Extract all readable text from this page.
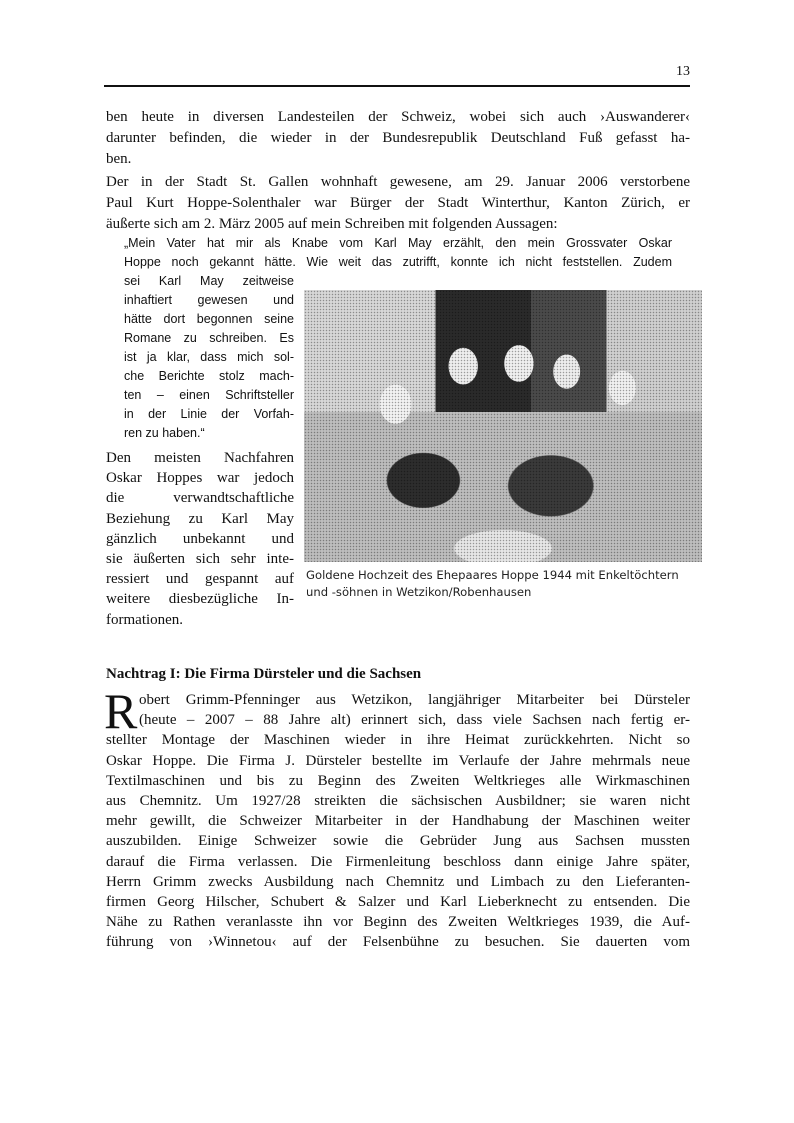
13

ben heute in diversen Landesteilen der Schweiz, wobei sich auch ›Auswanderer‹
darunter befinden, die wieder in der Bundesrepublik Deutschland Fuß gefasst ha-
ben.

Der in der Stadt St. Gallen wohnhaft gewesene, am 29. Januar 2006 verstorbene
Paul Kurt Hoppe-Solenthaler war Bürger der Stadt Winterthur, Kanton Zürich, er
äußerte sich am 2. März 2005 auf mein Schreiben mit folgenden Aussagen:

„Mein Vater hat mir als Knabe vom Karl May erzählt, den mein Grossvater Oskar
Hoppe noch gekannt hätte. Wie weit das zutrifft, konnte ich nicht feststellen. Zudem

sei Karl May zeitweise
inhaftiert gewesen und
hätte dort begonnen seine
Romane zu schreiben. Es
ist ja klar, dass mich sol-
che Berichte stolz mach-
ten – einen Schriftsteller
in der Linie der Vorfah-
ren zu haben.“

Den meisten Nachfahren
Oskar Hoppes war jedoch
die verwandtschaftliche
Beziehung zu Karl May
gänzlich unbekannt und
sie äußerten sich sehr inte-
ressiert und gespannt auf
weitere diesbezügliche In-
formationen.

Goldene Hochzeit des Ehepaares Hoppe 1944 mit Enkeltöchtern
und -söhnen in Wetzikon/Robenhausen

Nachtrag I: Die Firma Dürsteler und die Sachsen
R obert Grimm-Pfenninger aus Wetzikon, langjähriger Mitarbeiter bei Dürsteler
(heute – 2007 – 88 Jahre alt) erinnert sich, dass viele Sachsen nach fertig er-
stellter Montage der Maschinen wieder in ihre Heimat zurückkehrten. Nicht so
Oskar Hoppe. Die Firma J. Dürsteler bestellte im Verlaufe der Jahre mehrmals neue
Textilmaschinen und bis zu Beginn des Zweiten Weltkrieges alle Wirkmaschinen
aus Chemnitz. Um 1927/28 streikten die sächsischen Ausbildner; sie waren nicht
mehr gewillt, die Schweizer Mitarbeiter in der Handhabung der Maschinen weiter
auszubilden. Einige Schweizer sowie die Gebrüder Jung aus Sachsen mussten
darauf die Firma verlassen. Die Firmenleitung beschloss dann einige Jahre später,
Herrn Grimm zwecks Ausbildung nach Chemnitz und Limbach zu den Lieferanten-
firmen Georg Hilscher, Schubert & Salzer und Karl Lieberknecht zu entsenden. Die
Nähe zu Rathen veranlasste ihn vor Beginn des Zweiten Weltkrieges 1939, die Auf-
führung von ›Winnetou‹ auf der Felsenbühne zu besuchen. Sie dauerten vom
